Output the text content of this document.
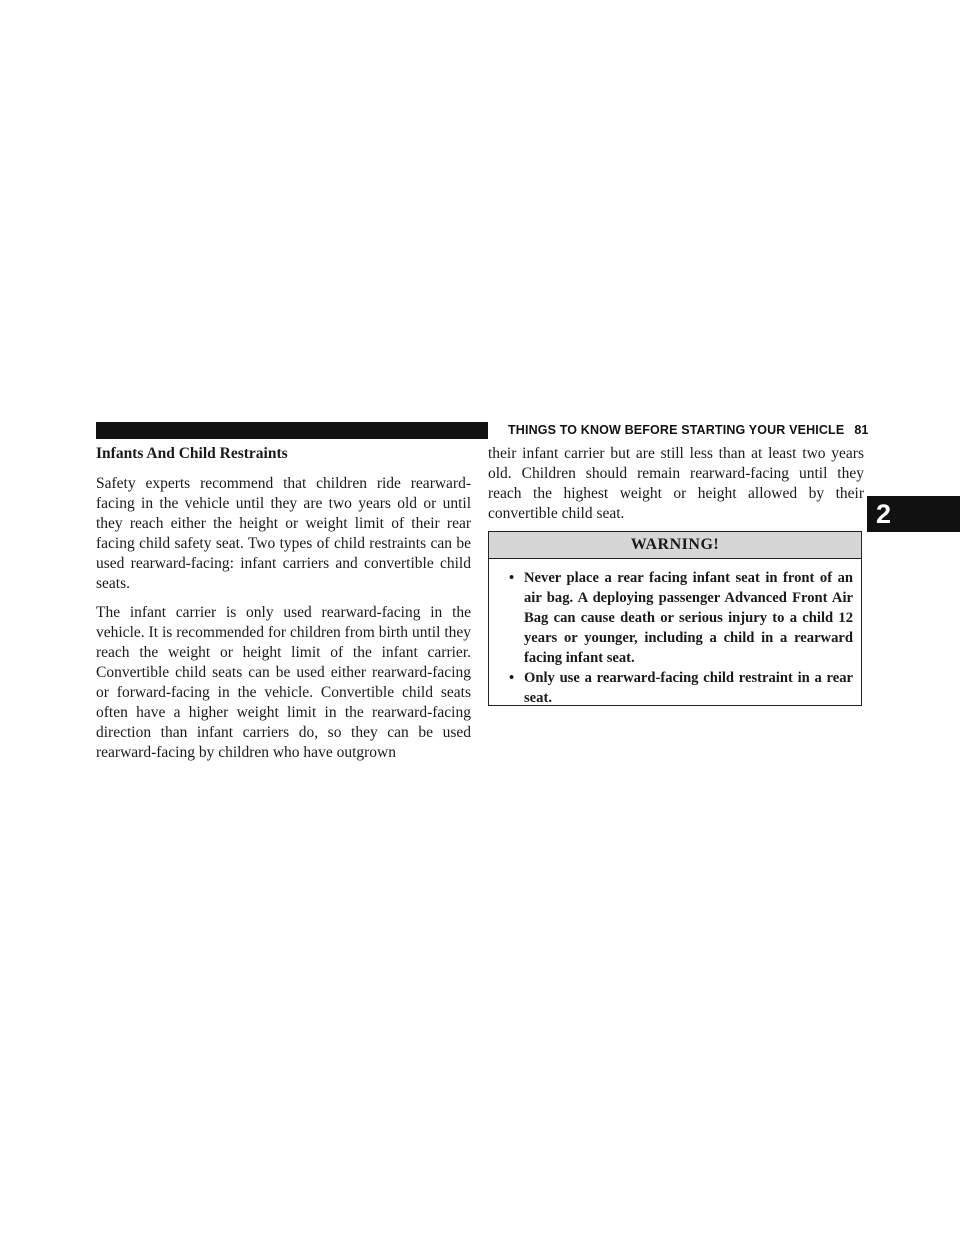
THINGS TO KNOW BEFORE STARTING YOUR VEHICLE 81
2
Infants And Child Restraints

Safety experts recommend that children ride rearward-facing in the vehicle until they are two years old or until they reach either the height or weight limit of their rear facing child safety seat. Two types of child restraints can be used rearward-facing: infant carriers and convertible child seats.

The infant carrier is only used rearward-facing in the vehicle. It is recommended for children from birth until they reach the weight or height limit of the infant carrier. Convertible child seats can be used either rearward-facing or forward-facing in the vehicle. Convertible child seats often have a higher weight limit in the rearward-facing direction than infant carriers do, so they can be used rearward-facing by children who have outgrown

their infant carrier but are still less than at least two years old. Children should remain rearward-facing until they reach the highest weight or height allowed by their convertible child seat.

WARNING!
• Never place a rear facing infant seat in front of an air bag. A deploying passenger Advanced Front Air Bag can cause death or serious injury to a child 12 years or younger, including a child in a rearward facing infant seat.
• Only use a rearward-facing child restraint in a rear seat.
